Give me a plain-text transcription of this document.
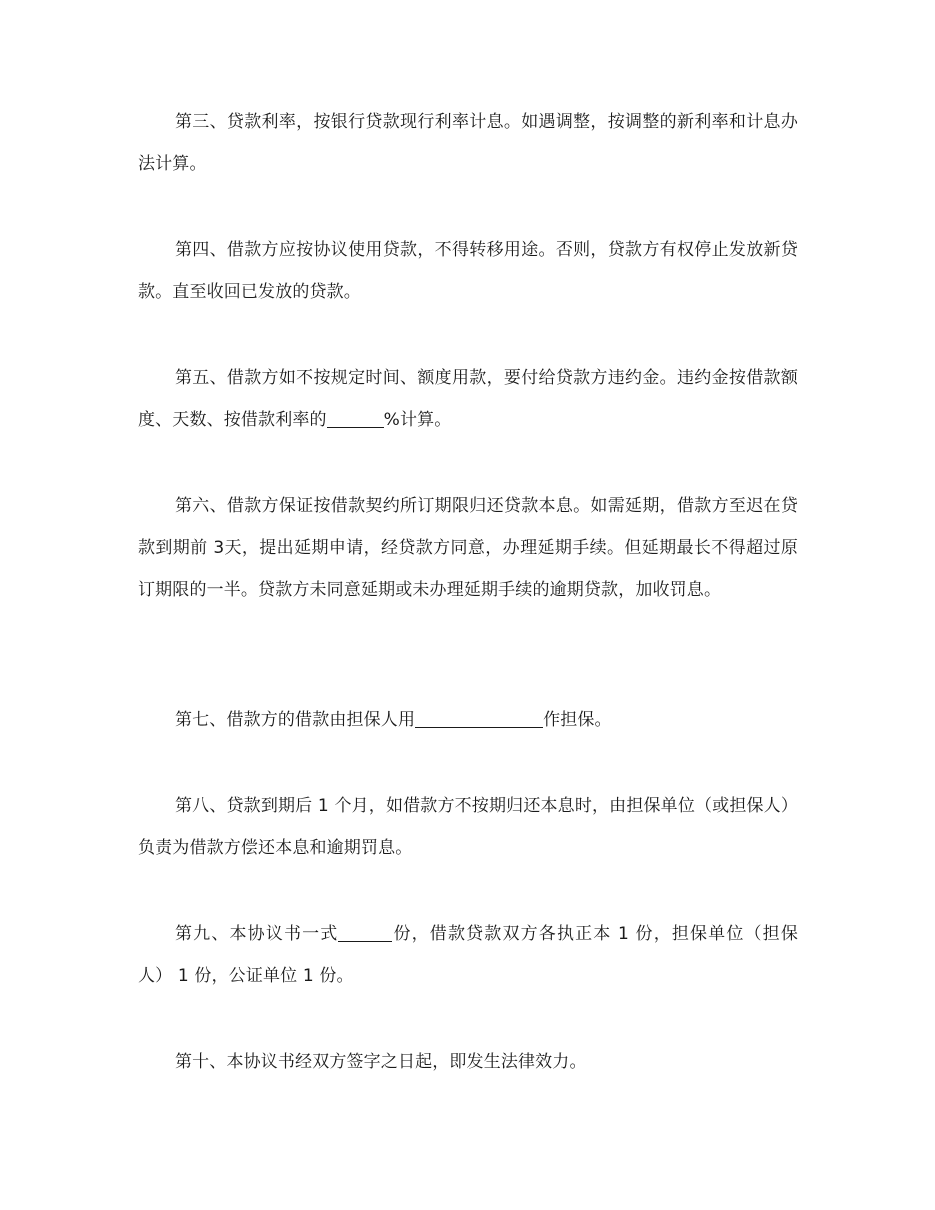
第三、贷款利率，按银行贷款现行利率计息。如遇调整，按调整的新利率和计息办法计算。

第四、借款方应按协议使用贷款，不得转移用途。否则，贷款方有权停止发放新贷款。直至收回已发放的贷款。

第五、借款方如不按规定时间、额度用款，要付给贷款方违约金。违约金按借款额度、天数、按借款利率的	%计算。

第六、借款方保证按借款契约所订期限归还贷款本息。如需延期，借款方至迟在贷款到期前 3天，提出延期申请，经贷款方同意，办理延期手续。但延期最长不得超过原订期限的一半。贷款方未同意延期或未办理延期手续的逾期贷款，加收罚息。

第七、借款方的借款由担保人用	作担保。

第八、贷款到期后 1 个月，如借款方不按期归还本息时，由担保单位（或担保人）负责为借款方偿还本息和逾期罚息。

第九、本协议书一式	份，借款贷款双方各执正本 1 份，担保单位（担保人） 1 份，公证单位 1 份。

第十、本协议书经双方签字之日起，即发生法律效力。
